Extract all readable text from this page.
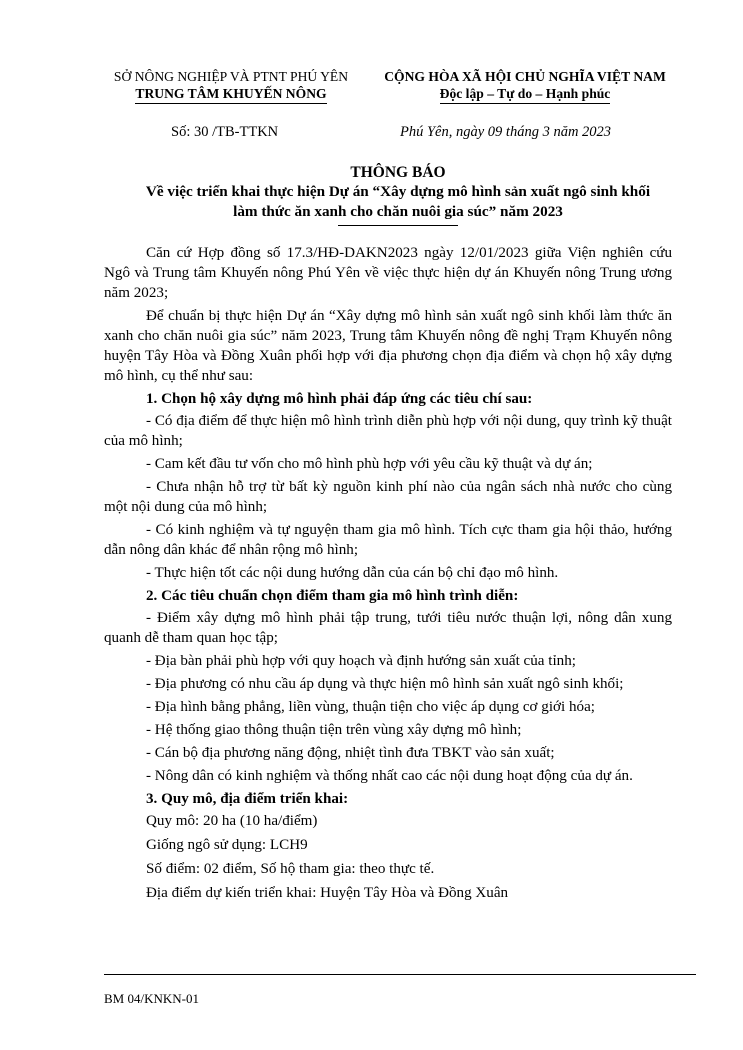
SỞ NÔNG NGHIỆP VÀ PTNT PHÚ YÊN
TRUNG TÂM KHUYẾN NÔNG
CỘNG HÒA XÃ HỘI CHỦ NGHĨA VIỆT NAM
Độc lập – Tự do – Hạnh phúc
Số: 30 /TB-TTKN	Phú Yên, ngày 09 tháng 3 năm 2023
THÔNG BÁO
Về việc triển khai thực hiện Dự án “Xây dựng mô hình sản xuất ngô sinh khối
làm thức ăn xanh cho chăn nuôi gia súc” năm 2023

Căn cứ Hợp đồng số 17.3/HĐ-DAKN2023 ngày 12/01/2023 giữa Viện nghiên cứu Ngô và Trung tâm Khuyến nông Phú Yên về việc thực hiện dự án Khuyến nông Trung ương năm 2023;

Để chuẩn bị thực hiện Dự án “Xây dựng mô hình sản xuất ngô sinh khối làm thức ăn xanh cho chăn nuôi gia súc” năm 2023, Trung tâm Khuyến nông đề nghị Trạm Khuyến nông huyện Tây Hòa và Đồng Xuân phối hợp với địa phương chọn địa điểm và chọn hộ xây dựng mô hình, cụ thể như sau:

1. Chọn hộ xây dựng mô hình phải đáp ứng các tiêu chí sau:

- Có địa điểm để thực hiện mô hình trình diễn phù hợp với nội dung, quy trình kỹ thuật của mô hình;

- Cam kết đầu tư vốn cho mô hình phù hợp với yêu cầu kỹ thuật và dự án;

- Chưa nhận hỗ trợ từ bất kỳ nguồn kinh phí nào của ngân sách nhà nước cho cùng một nội dung của mô hình;

- Có kinh nghiệm và tự nguyện tham gia mô hình. Tích cực tham gia hội thảo, hướng dẫn nông dân khác để nhân rộng mô hình;

- Thực hiện tốt các nội dung hướng dẫn của cán bộ chỉ đạo mô hình.

2. Các tiêu chuẩn chọn điểm tham gia mô hình trình diễn:

- Điểm xây dựng mô hình phải tập trung, tưới tiêu nước thuận lợi, nông dân xung quanh dễ tham quan học tập;

- Địa bàn phải phù hợp với quy hoạch và định hướng sản xuất của tỉnh;

- Địa phương có nhu cầu áp dụng và thực hiện mô hình sản xuất ngô sinh khối;

- Địa hình bằng phẳng, liền vùng, thuận tiện cho việc áp dụng cơ giới hóa;

- Hệ thống giao thông thuận tiện trên vùng xây dựng mô hình;

- Cán bộ địa phương năng động, nhiệt tình đưa TBKT vào sản xuất;

- Nông dân có kinh nghiệm và thống nhất cao các nội dung hoạt động của dự án.

3. Quy mô, địa điểm triển khai:

Quy mô: 20 ha (10 ha/điểm)

Giống ngô sử dụng: LCH9

Số điểm: 02 điểm, Số hộ tham gia: theo thực tế.

Địa điểm dự kiến triển khai: Huyện Tây Hòa và Đồng Xuân

BM 04/KNKN-01
